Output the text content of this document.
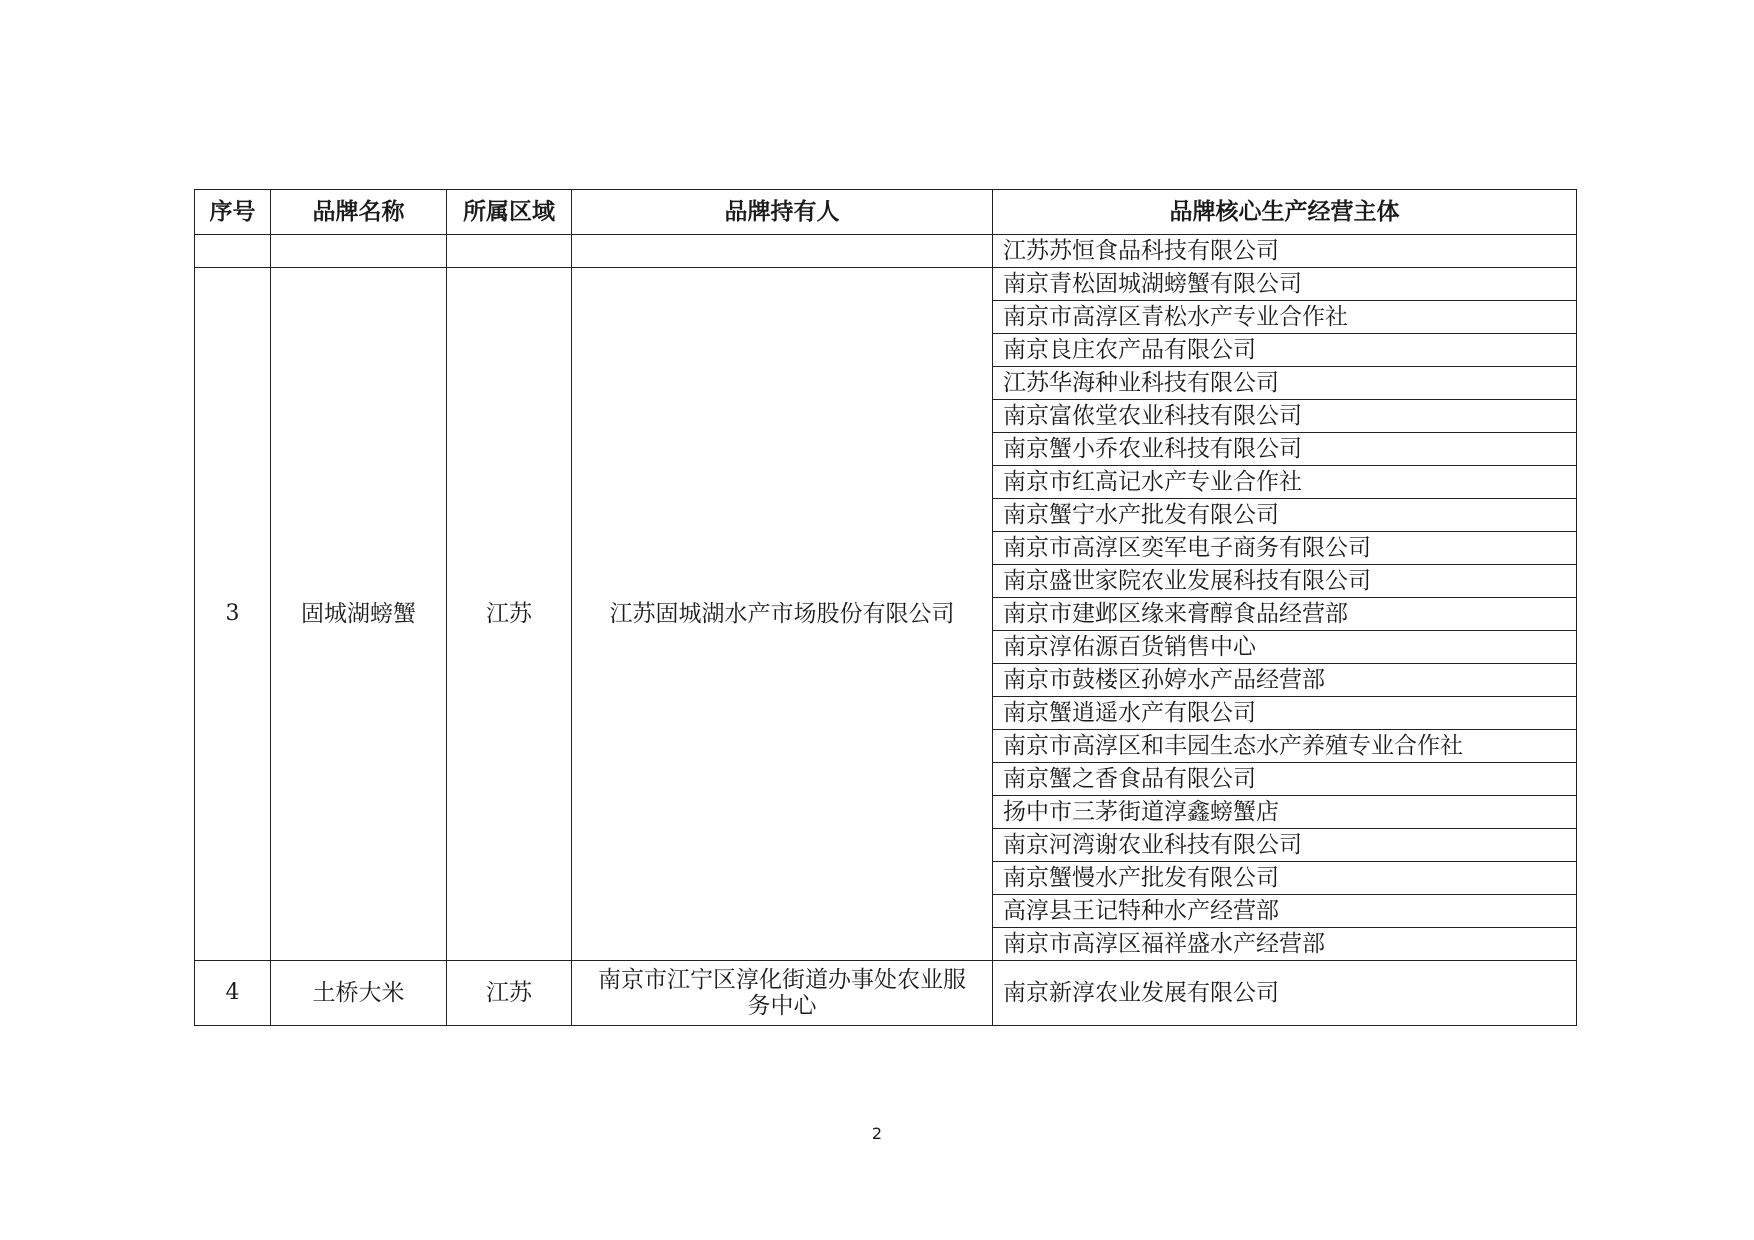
序号	品牌名称	所属区域	品牌持有人	品牌核心生产经营主体
				江苏苏恒食品科技有限公司
3	固城湖螃蟹	江苏	江苏固城湖水产市场股份有限公司	南京青松固城湖螃蟹有限公司
				南京市高淳区青松水产专业合作社
				南京良庄农产品有限公司
				江苏华海种业科技有限公司
				南京富侬堂农业科技有限公司
				南京蟹小乔农业科技有限公司
				南京市红高记水产专业合作社
				南京蟹宁水产批发有限公司
				南京市高淳区奕军电子商务有限公司
				南京盛世家院农业发展科技有限公司
				南京市建邺区缘来膏醇食品经营部
				南京淳佑源百货销售中心
				南京市鼓楼区孙婷水产品经营部
				南京蟹逍遥水产有限公司
				南京市高淳区和丰园生态水产养殖专业合作社
				南京蟹之香食品有限公司
				扬中市三茅街道淳鑫螃蟹店
				南京河湾谢农业科技有限公司
				南京蟹慢水产批发有限公司
				高淳县王记特种水产经营部
				南京市高淳区福祥盛水产经营部
4	土桥大米	江苏	南京市江宁区淳化街道办事处农业服务中心	南京新淳农业发展有限公司
2
